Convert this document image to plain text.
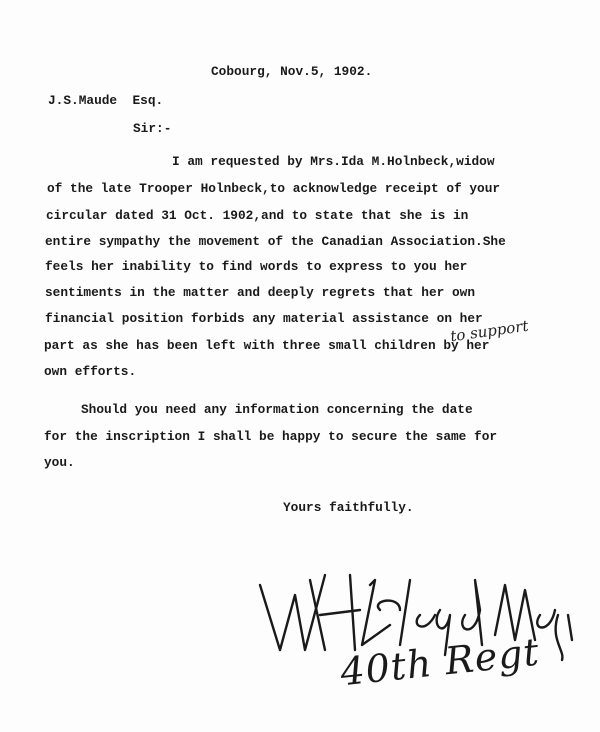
Cobourg, Nov.5, 1902.
J.S.Maude  Esq.
Sir:-
I am requested by Mrs.Ida M.Holnbeck,widow
of the late Trooper Holnbeck,to acknowledge receipt of your
circular dated 31 Oct. 1902,and to state that she is in
entire sympathy the movement of the Canadian Association.She
feels her inability to find words to express to you her
sentiments in the matter and deeply regrets that her own
financial position forbids any material assistance on her
part as she has been left with three small children by her
to support
own efforts.
Should you need any information concerning the date
for the inscription I shall be happy to secure the same for
you.
Yours faithfully.
40th Regt
